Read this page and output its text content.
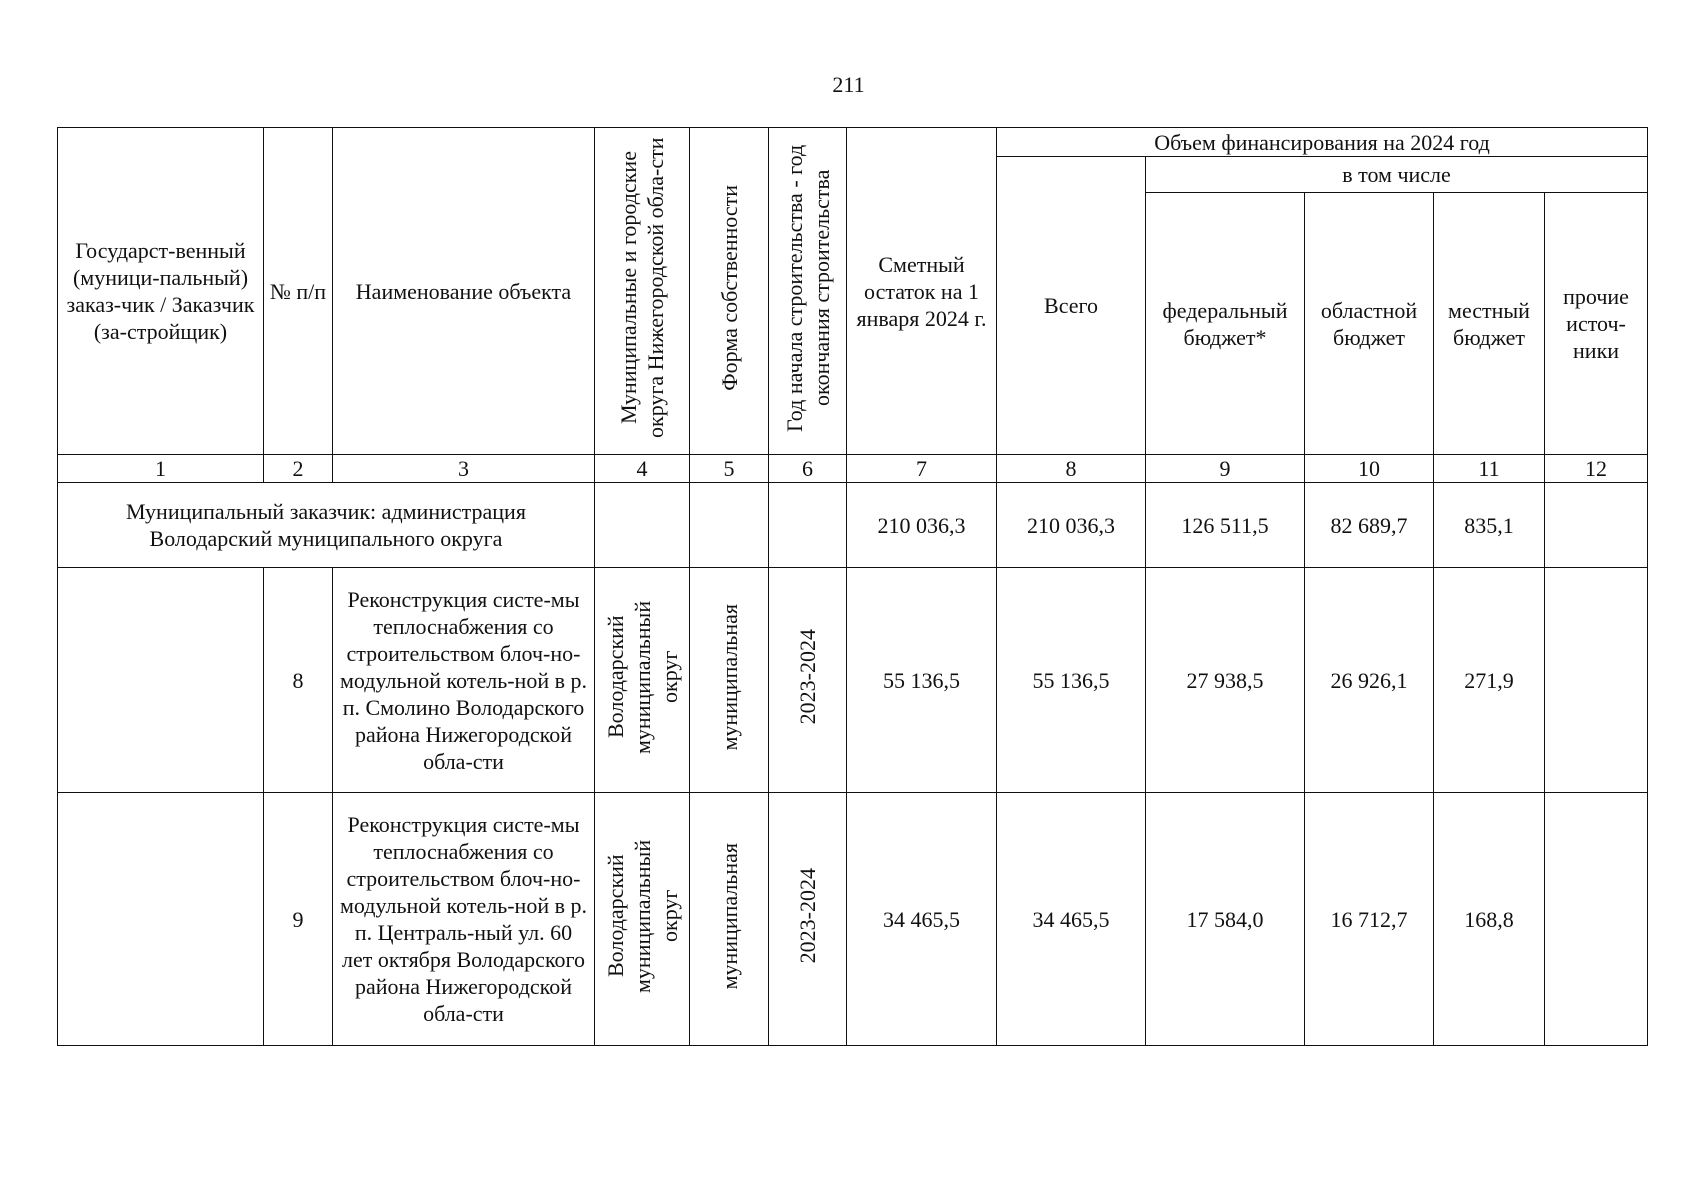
211
Государст-венный (муници-пальный) заказ-чик / Заказчик (за-стройщик)	№ п/п	Наименование объекта	Муниципальные и городские округа Нижегородской обла-сти	Форма собственности	Год начала строительства - год окончания строительства	Сметный остаток на 1 января 2024 г.	Объем финансирования на 2024 год				
							Всего	в том числе			
								федеральный бюджет*	областной бюджет	местный бюджет	прочие источ-ники
1	2	3	4	5	6	7	8	9	10	11	12
Муниципальный заказчик: администрация Володарский муниципального округа						210 036,3	210 036,3	126 511,5	82 689,7	835,1	
	8	Реконструкция систе-мы теплоснабжения со строительством блоч-но-модульной котель-ной в р. п. Смолино Володарского района Нижегородской обла-сти	Володарский муниципальный округ	муниципальная	2023-2024	55 136,5	55 136,5	27 938,5	26 926,1	271,9	
	9	Реконструкция систе-мы теплоснабжения со строительством блоч-но-модульной котель-ной в р. п. Централь-ный ул. 60 лет октября Володарского района Нижегородской обла-сти	Володарский муниципальный округ	муниципальная	2023-2024	34 465,5	34 465,5	17 584,0	16 712,7	168,8	
